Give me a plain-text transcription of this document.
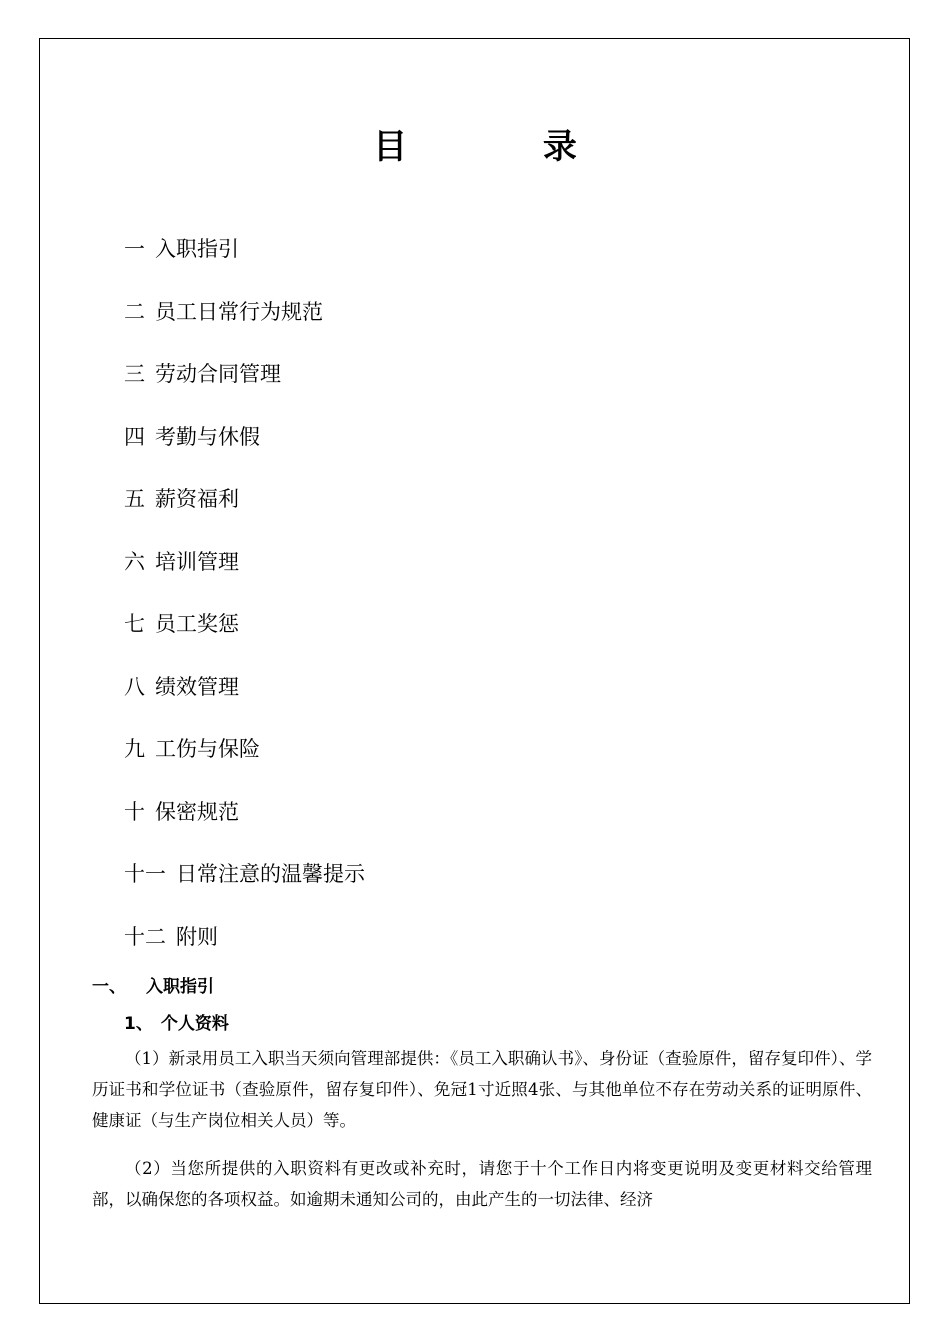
目 录
一 入职指引
二 员工日常行为规范
三 劳动合同管理
四 考勤与休假
五 薪资福利
六 培训管理
七 员工奖惩
八 绩效管理
九 工伤与保险
十 保密规范
十一 日常注意的温馨提示
十二 附则
一、 入职指引
1、 个人资料

（1）新录用员工入职当天须向管理部提供：《员工入职确认书》、身份证（查验原件，留存复印件）、学历证书和学位证书（查验原件，留存复印件）、免冠1寸近照4张、与其他单位不存在劳动关系的证明原件、健康证（与生产岗位相关人员）等。

（2）当您所提供的入职资料有更改或补充时，请您于十个工作日内将变更说明及变更材料交给管理部，以确保您的各项权益。如逾期未通知公司的，由此产生的一切法律、经济
